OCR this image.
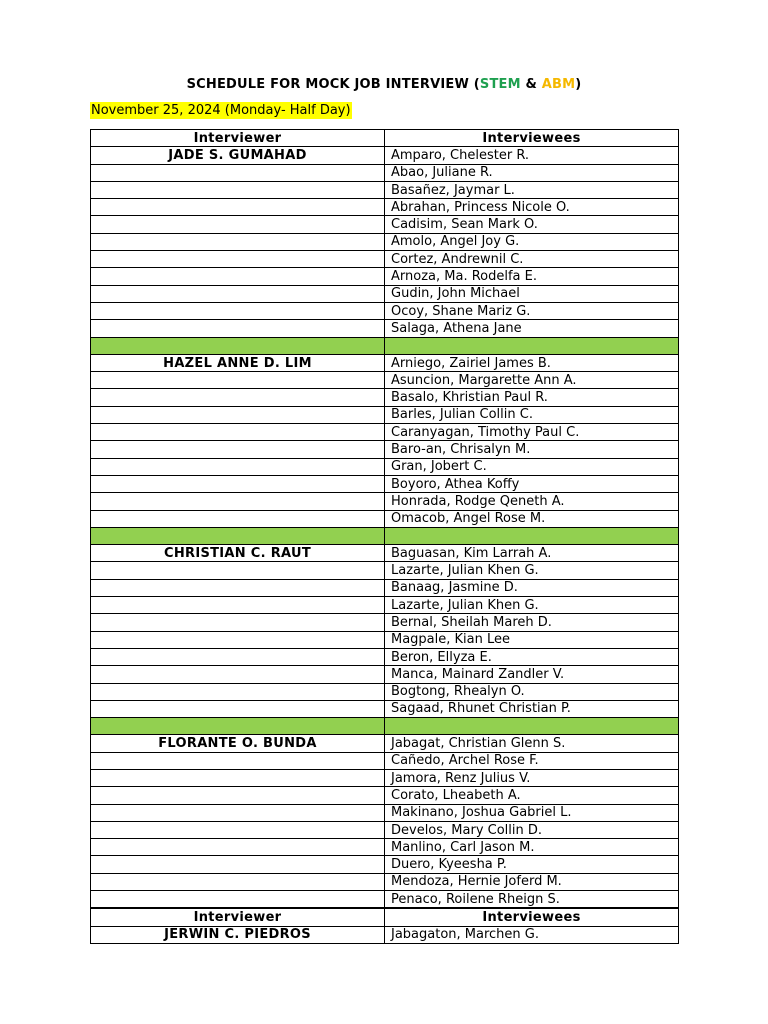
SCHEDULE FOR MOCK JOB INTERVIEW (STEM & ABM)
November 25, 2024 (Monday- Half Day)
Interviewer	Interviewees
JADE S. GUMAHAD	Amparo, Chelester R.
	Abao, Juliane R.
	Basañez, Jaymar L.
	Abrahan, Princess Nicole O.
	Cadisim, Sean Mark O.
	Amolo, Angel Joy G.
	Cortez, Andrewnil C.
	Arnoza, Ma. Rodelfa E.
	Gudin, John Michael
	Ocoy, Shane Mariz G.
	Salaga, Athena Jane

HAZEL ANNE D. LIM	Arniego, Zairiel James B.
	Asuncion, Margarette Ann A.
	Basalo, Khristian Paul R.
	Barles, Julian Collin C.
	Caranyagan, Timothy Paul C.
	Baro-an, Chrisalyn M.
	Gran, Jobert C.
	Boyoro, Athea Koffy
	Honrada, Rodge Qeneth A.
	Omacob, Angel Rose M.

CHRISTIAN C. RAUT	Baguasan, Kim Larrah A.
	Lazarte, Julian Khen G.
	Banaag, Jasmine D.
	Lazarte, Julian Khen G.
	Bernal, Sheilah Mareh D.
	Magpale, Kian Lee
	Beron, Ellyza E.
	Manca, Mainard Zandler V.
	Bogtong, Rhealyn O.
	Sagaad, Rhunet Christian P.

FLORANTE O. BUNDA	Jabagat, Christian Glenn S.
	Cañedo, Archel Rose F.
	Jamora, Renz Julius V.
	Corato, Lheabeth A.
	Makinano, Joshua Gabriel L.
	Develos, Mary Collin D.
	Manlino, Carl Jason M.
	Duero, Kyeesha P.
	Mendoza, Hernie Joferd M.
	Penaco, Roilene Rheign S.
Interviewer	Interviewees
JERWIN C. PIEDROS	Jabagaton, Marchen G.
